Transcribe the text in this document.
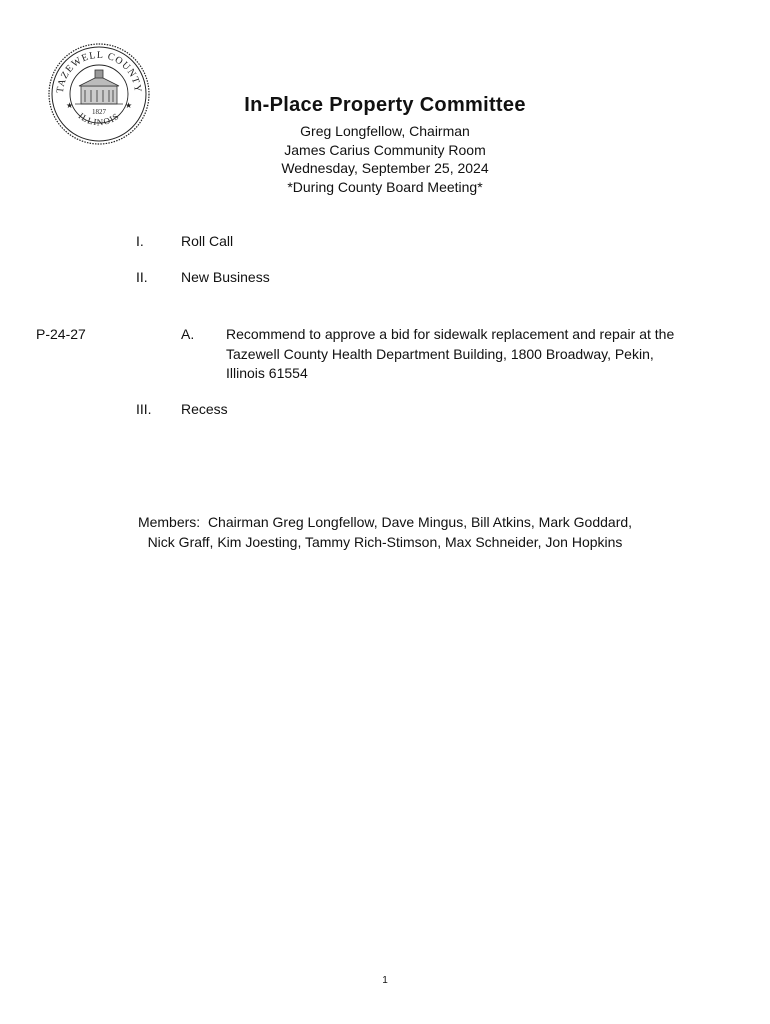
TAZEWELL COUNTY
ILLINOIS
1827
★	★	In-Place Property Committee
Greg Longfellow, Chairman
James Carius Community Room
Wednesday, September 25, 2024
*During County Board Meeting*
I.	Roll Call
II. New Business
P-24-27	A. Recommend to approve a bid for sidewalk replacement and repair at the Tazewell County Health Department Building, 1800 Broadway, Pekin, Illinois 61554
III. Recess
Members:  Chairman Greg Longfellow, Dave Mingus, Bill Atkins, Mark Goddard,
Nick Graff, Kim Joesting, Tammy Rich-Stimson, Max Schneider, Jon Hopkins
1
